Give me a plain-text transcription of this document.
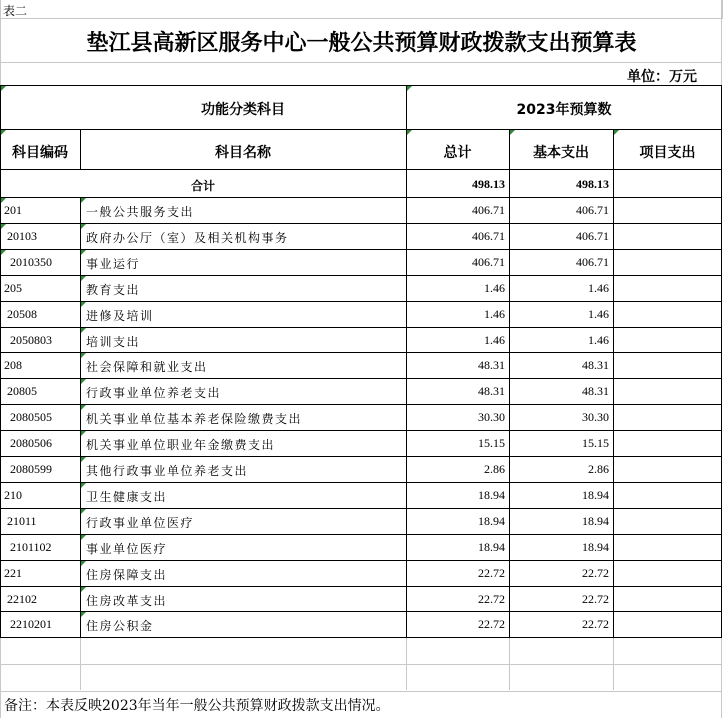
表二
垫江县高新区服务中心一般公共预算财政拨款支出预算表
单位：万元
功能分类科目	2023年预算数
科目编码	科目名称	总计	基本支出	项目支出
合计	498.13	498.13
201	一般公共服务支出	406.71	406.71
20103	政府办公厅（室）及相关机构事务	406.71	406.71
2010350	事业运行	406.71	406.71
205	教育支出	1.46	1.46
20508	进修及培训	1.46	1.46
2050803	培训支出	1.46	1.46
208	社会保障和就业支出	48.31	48.31
20805	行政事业单位养老支出	48.31	48.31
2080505	机关事业单位基本养老保险缴费支出	30.30	30.30
2080506	机关事业单位职业年金缴费支出	15.15	15.15
2080599	其他行政事业单位养老支出	2.86	2.86
210	卫生健康支出	18.94	18.94
21011	行政事业单位医疗	18.94	18.94
2101102	事业单位医疗	18.94	18.94
221	住房保障支出	22.72	22.72
22102	住房改革支出	22.72	22.72
2210201	住房公积金	22.72	22.72
备注：本表反映2023年当年一般公共预算财政拨款支出情况。
